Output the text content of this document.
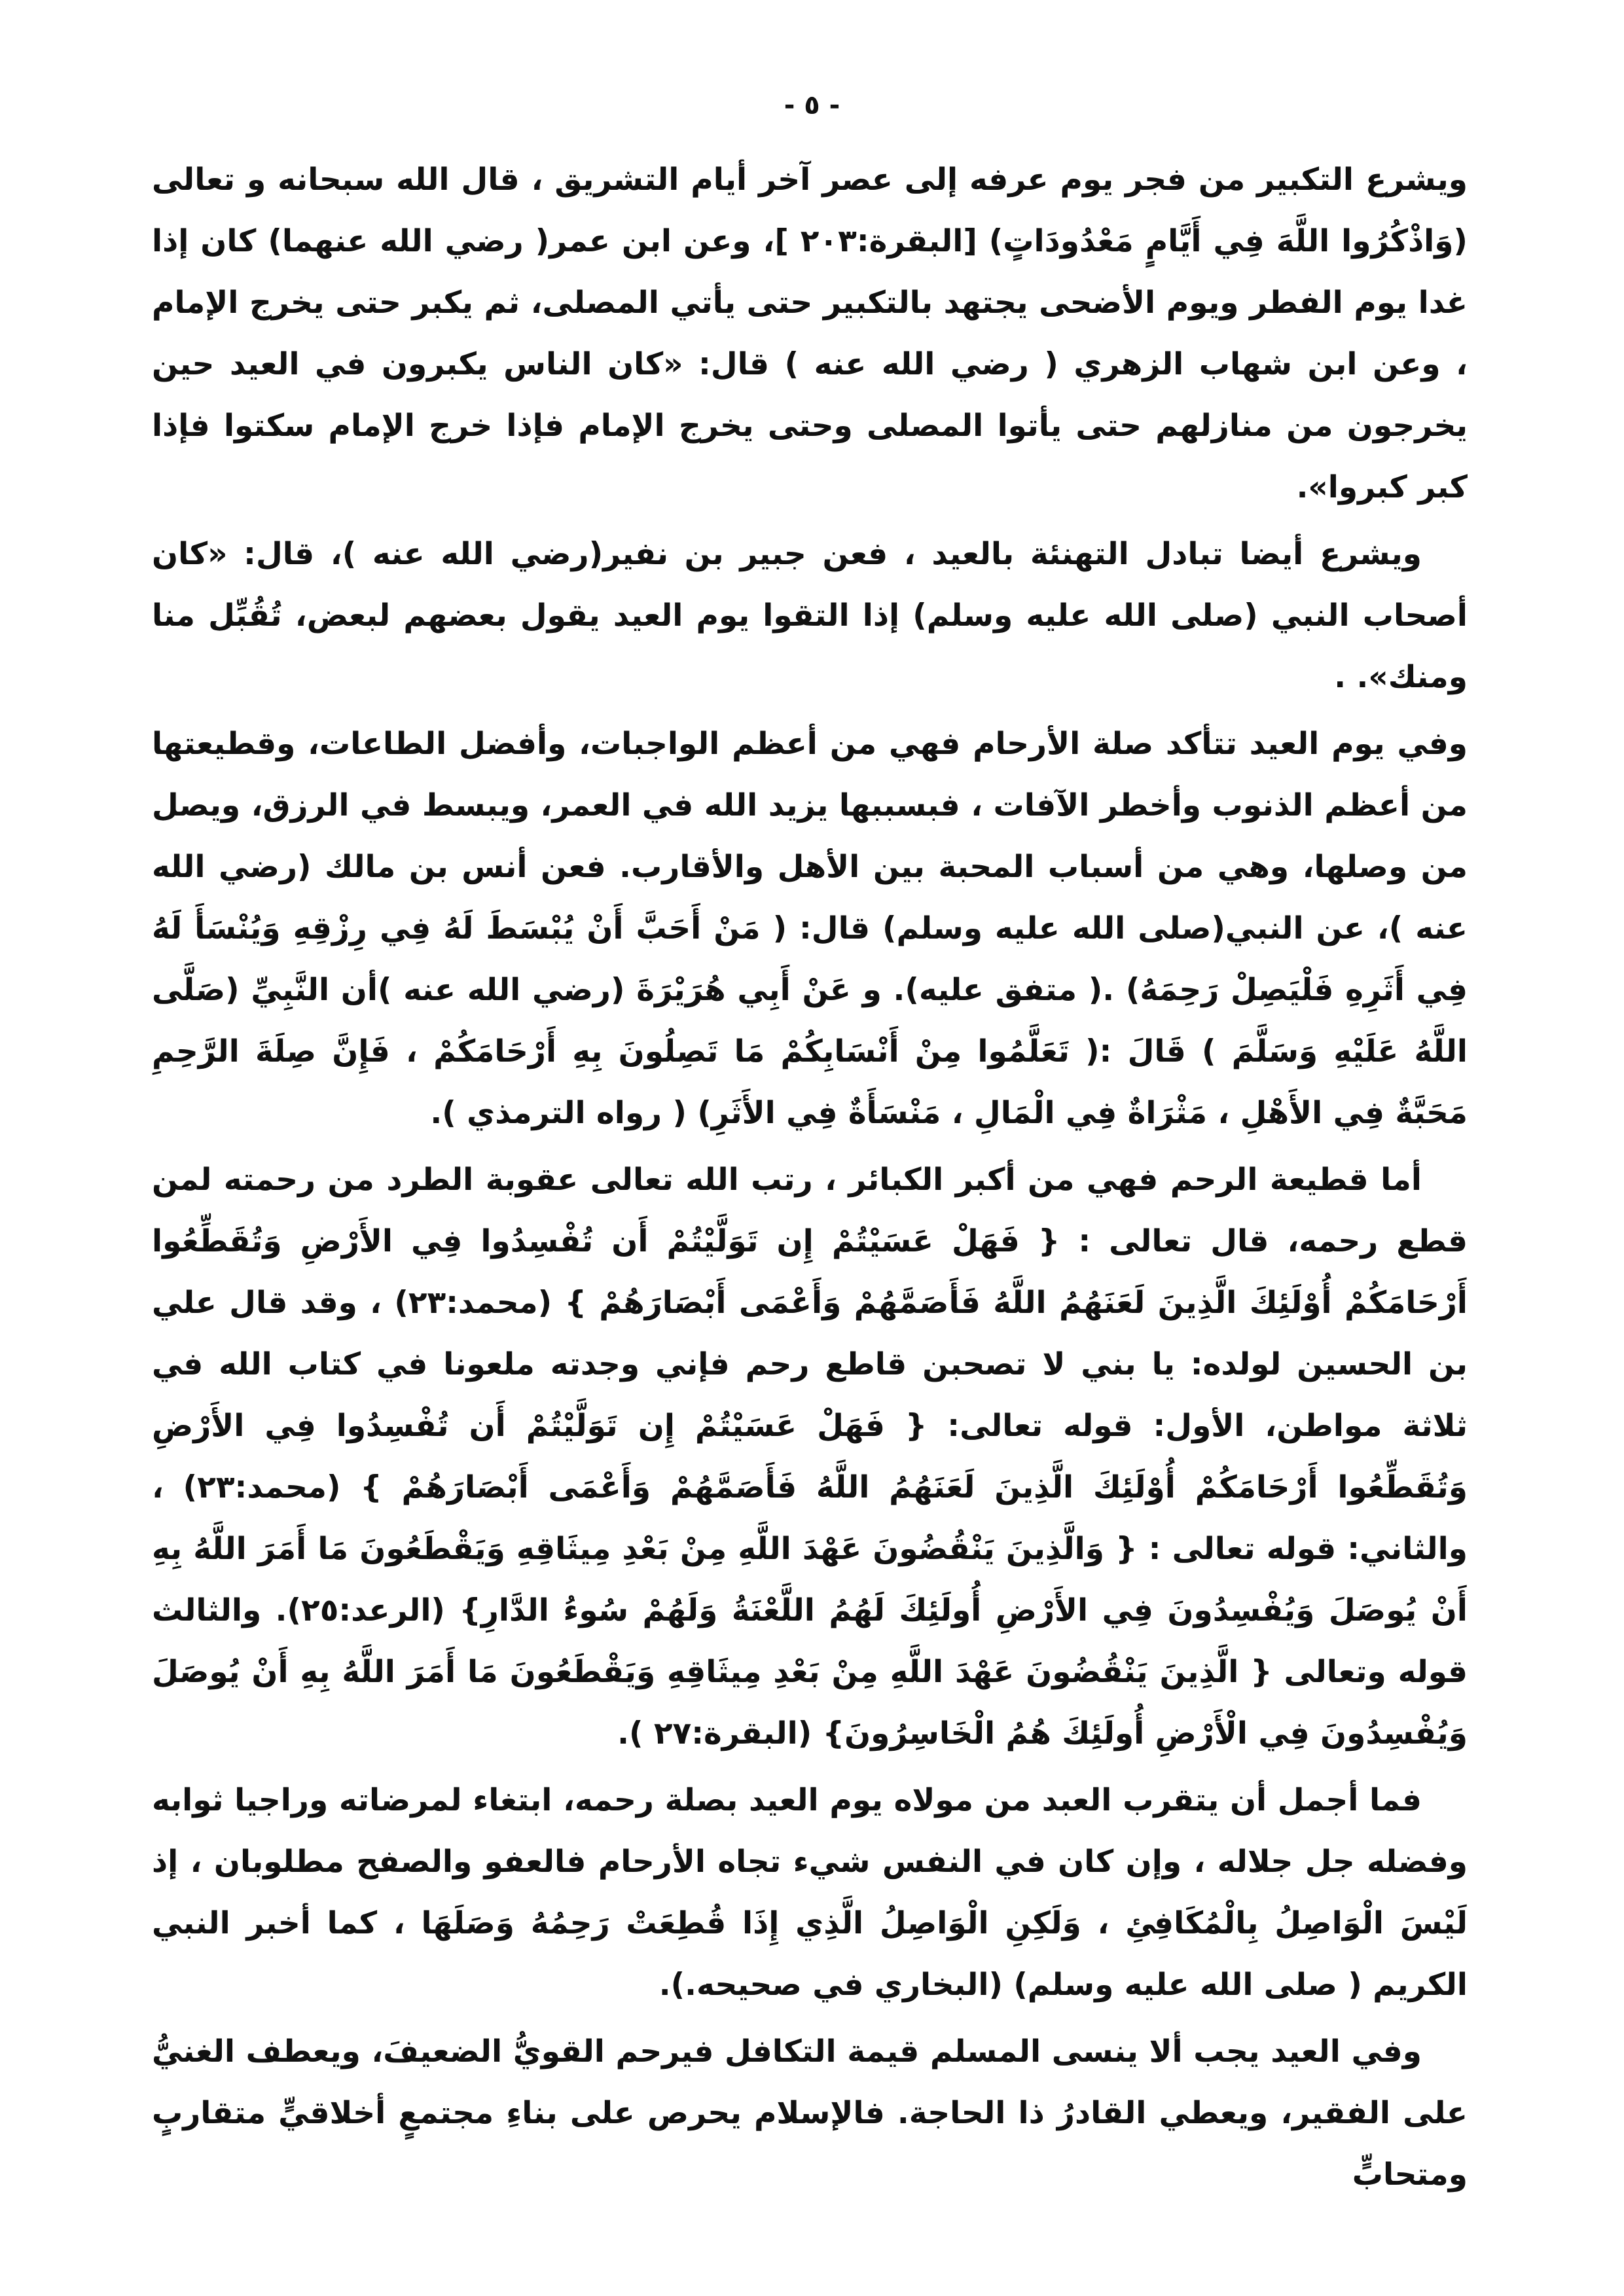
- ٥ -

ويشرع التكبير من فجر يوم عرفه إلى عصر آخر أيام التشريق ، قال الله سبحانه و تعالى (وَاذْكُرُوا اللَّهَ فِي أَيَّامٍ مَعْدُودَاتٍ) [البقرة:٢٠٣ ]، وعن ابن عمر( رضي الله عنهما) كان إذا غدا يوم الفطر ويوم الأضحى يجتهد بالتكبير حتى يأتي المصلى، ثم يكبر حتى يخرج الإمام ، وعن ابن شهاب الزهري ( رضي الله عنه ) قال: «كان الناس يكبرون في العيد حين يخرجون من منازلهم حتى يأتوا المصلى وحتى يخرج الإمام فإذا خرج الإمام سكتوا فإذا كبر كبروا».

ويشرع أيضا تبادل التهنئة بالعيد ، فعن جبير بن نفير(رضي الله عنه )، قال: «كان أصحاب النبي (صلى الله عليه وسلم) إذا التقوا يوم العيد يقول بعضهم لبعض، تُقُبِّل منا ومنك». .

وفي يوم العيد تتأكد صلة الأرحام فهي من أعظم الواجبات، وأفضل الطاعات، وقطيعتها من أعظم الذنوب وأخطر الآفات ، فبسببها يزيد الله في العمر، ويبسط في الرزق، ويصل من وصلها، وهي من أسباب المحبة بين الأهل والأقارب. فعن أنس بن مالك (رضي الله عنه )، عن النبي(صلى الله عليه وسلم) قال: ( مَنْ أَحَبَّ أَنْ يُبْسَطَ لَهُ فِي رِزْقِهِ وَيُنْسَأَ لَهُ فِي أَثَرِهِ فَلْيَصِلْ رَحِمَهُ) .( متفق عليه). و عَنْ أَبِي هُرَيْرَةَ (رضي الله عنه )أن النَّبِيِّ (صَلَّى اللَّهُ عَلَيْهِ وَسَلَّمَ ) قَالَ :( تَعَلَّمُوا مِنْ أَنْسَابِكُمْ مَا تَصِلُونَ بِهِ أَرْحَامَكُمْ ، فَإِنَّ صِلَةَ الرَّحِمِ مَحَبَّةٌ فِي الأَهْلِ ، مَثْرَاةٌ فِي الْمَالِ ، مَنْسَأَةٌ فِي الأَثَرِ) ( رواه الترمذي ).

أما قطيعة الرحم فهي من أكبر الكبائر ، رتب الله تعالى عقوبة الطرد من رحمته لمن قطع رحمه، قال تعالى : { فَهَلْ عَسَيْتُمْ إِن تَوَلَّيْتُمْ أَن تُفْسِدُوا فِي الأَرْضِ وَتُقَطِّعُوا أَرْحَامَكُمْ أُوْلَئِكَ الَّذِينَ لَعَنَهُمُ اللَّهُ فَأَصَمَّهُمْ وَأَعْمَى أَبْصَارَهُمْ } (محمد:٢٣) ، وقد قال علي بن الحسين لولده: يا بني لا تصحبن قاطع رحم فإني وجدته ملعونا في كتاب الله في ثلاثة مواطن، الأول: قوله تعالى: { فَهَلْ عَسَيْتُمْ إِن تَوَلَّيْتُمْ أَن تُفْسِدُوا فِي الأَرْضِ وَتُقَطِّعُوا أَرْحَامَكُمْ أُوْلَئِكَ الَّذِينَ لَعَنَهُمُ اللَّهُ فَأَصَمَّهُمْ وَأَعْمَى أَبْصَارَهُمْ } (محمد:٢٣) ، والثاني: قوله تعالى : { وَالَّذِينَ يَنْقُضُونَ عَهْدَ اللَّهِ مِنْ بَعْدِ مِيثَاقِهِ وَيَقْطَعُونَ مَا أَمَرَ اللَّهُ بِهِ أَنْ يُوصَلَ وَيُفْسِدُونَ فِي الأَرْضِ أُولَئِكَ لَهُمُ اللَّعْنَةُ وَلَهُمْ سُوءُ الدَّارِ} (الرعد:٢٥). والثالث قوله وتعالى { الَّذِينَ يَنْقُضُونَ عَهْدَ اللَّهِ مِنْ بَعْدِ مِيثَاقِهِ وَيَقْطَعُونَ مَا أَمَرَ اللَّهُ بِهِ أَنْ يُوصَلَ وَيُفْسِدُونَ فِي الْأَرْضِ أُولَئِكَ هُمُ الْخَاسِرُونَ} (البقرة:٢٧ ).

فما أجمل أن يتقرب العبد من مولاه يوم العيد بصلة رحمه، ابتغاء لمرضاته وراجيا ثوابه وفضله جل جلاله ، وإن كان في النفس شيء تجاه الأرحام فالعفو والصفح مطلوبان ، إذ لَيْسَ الْوَاصِلُ بِالْمُكَافِئِ ، وَلَكِنِ الْوَاصِلُ الَّذِي إِذَا قُطِعَتْ رَحِمُهُ وَصَلَهَا ، كما أخبر النبي الكريم ( صلى الله عليه وسلم) (البخاري في صحيحه.).

وفي العيد يجب ألا ينسى المسلم قيمة التكافل فيرحم القويُّ الضعيفَ، ويعطف الغنيُّ على الفقير، ويعطي القادرُ ذا الحاجة. فالإسلام يحرص على بناءِ مجتمعٍ أخلاقيٍّ متقاربٍ ومتحابٍّ
